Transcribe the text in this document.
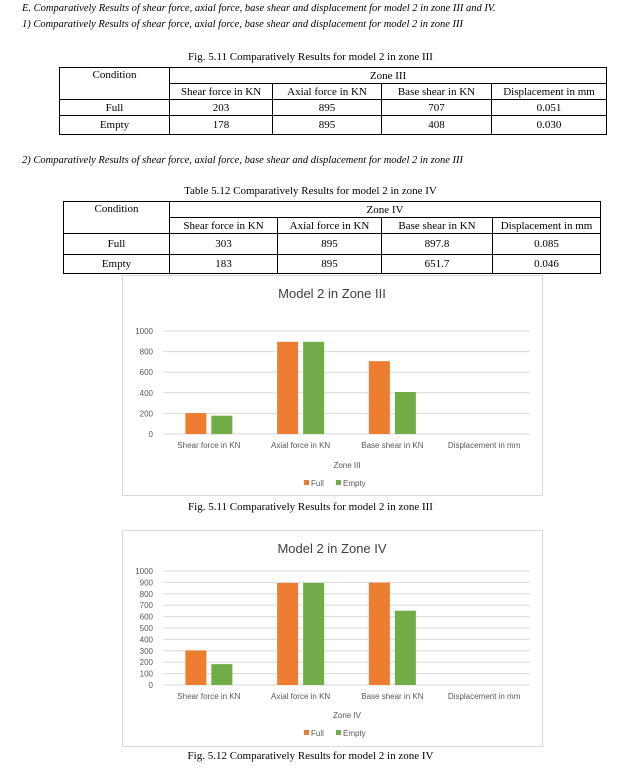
E. Comparatively Results of shear force, axial force, base shear and displacement for model 2 in zone III and IV.
1) Comparatively Results of shear force, axial force, base shear and displacement for model 2 in zone III
Fig. 5.11 Comparatively Results for model 2 in zone III
Condition	Zone III			
	Shear force in KN	Axial force in KN	Base shear in KN	Displacement in mm
Full	203	895	707	0.051
Empty	178	895	408	0.030
2) Comparatively Results of shear force, axial force, base shear and displacement for model 2 in zone III
Table 5.12 Comparatively Results for model 2 in zone IV
Condition	Zone IV			
	Shear force in KN	Axial force in KN	Base shear in KN	Displacement in mm
Full	303	895	897.8	0.085
Empty	183	895	651.7	0.046
Model 2 in Zone III
0
200
400
600
800
1000
Shear force in KN	Axial force in KN	Base shear in KN	Displacement in mm
Zone III
Full Empty
Fig. 5.11 Comparatively Results for model 2 in zone III
Model 2 in Zone IV
0
100
200
300
400
500
600
700
800
900
1000
Shear force in KN	Axial force in KN	Base shear in KN	Displacement in mm
Zone IV
Full Empty
Fig. 5.12 Comparatively Results for model 2 in zone IV
